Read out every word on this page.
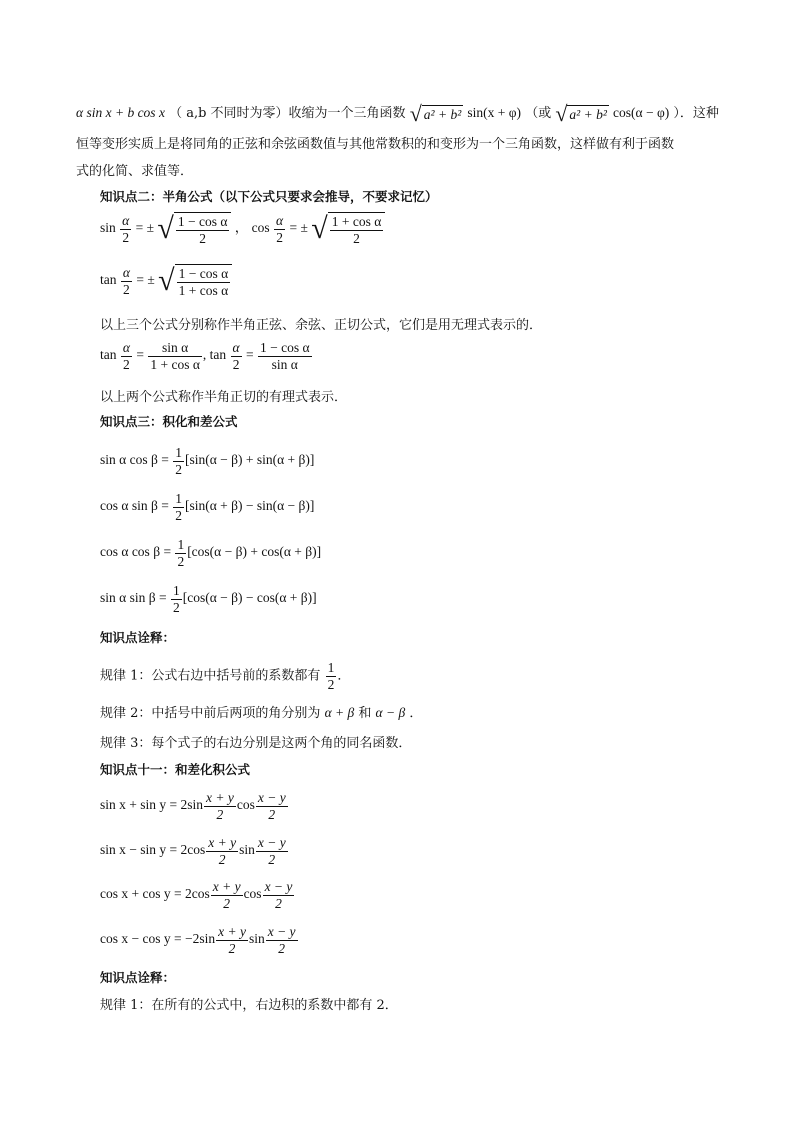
α sin x + b cos x （ a,b 不同时为零）收缩为一个三角函数 √ a² + b² sin(x + φ) （或 √ a² + b² cos(α − φ) ）．这种
恒等变形实质上是将同角的正弦和余弦函数值与其他常数积的和变形为一个三角函数，这样做有利于函数
式的化简、求值等．
知识点二：半角公式（以下公式只要求会推导，不要求记忆）
$\sin \frac{\alpha}{2}$ = ± √ $\frac{\text{1 − cos α}}{2}$ ， $\cos \frac{\alpha}{2}$ = ± √ $\frac{\text{1 + cos α}}{2}$
$\tan \frac{\alpha}{2}$ = ± √ $\frac{\text{1 − cos α}}{\text{1 + cos α}}$
以上三个公式分别称作半角正弦、余弦、正切公式，它们是用无理式表示的．
$\tan \frac{\alpha}{2} = \frac{\text{sin α}}{\text{1 + cos α}}$ , $\tan \frac{\alpha}{2} = \frac{\text{1 − cos α}}{\text{sin α}}$
以上两个公式称作半角正切的有理式表示．
知识点三：积化和差公式
sin α $\cos \beta = \frac{1}{2} [\sin(\alpha - \beta) + \sin(\alpha + \beta)]$
cos α $\sin \beta = \frac{1}{2} [\sin(\alpha + \beta) - \sin(\alpha - \beta)]$
cos α $\cos \beta = \frac{1}{2} [\cos(\alpha - \beta) + \cos(\alpha + \beta)]$
sin α $\sin \beta = \frac{1}{2} [\cos(\alpha - \beta) - \cos(\alpha + \beta)]$
知识点诠释：
规律 1：公式右边中括号前的系数都有 $\frac{1}{2}$ ．
规律 2：中括号中前后两项的角分别为 α + β 和 α − β ．
规律 3：每个式子的右边分别是这两个角的同名函数．
知识点十一：和差化积公式
$\sin x + \sin y = 2\sin \frac{x + y}{2}$ $\cos \frac{x - y}{2}$
$\sin x - \sin y = 2\cos \frac{x + y}{2}$ $\sin \frac{x - y}{2}$
$\cos x + \cos y = 2\cos \frac{x + y}{2}$ $\cos \frac{x - y}{2}$
$\cos x - \cos y = -2\sin \frac{x + y}{2}$ $\sin \frac{x - y}{2}$
知识点诠释：
规律 1：在所有的公式中，右边积的系数中都有 2．
